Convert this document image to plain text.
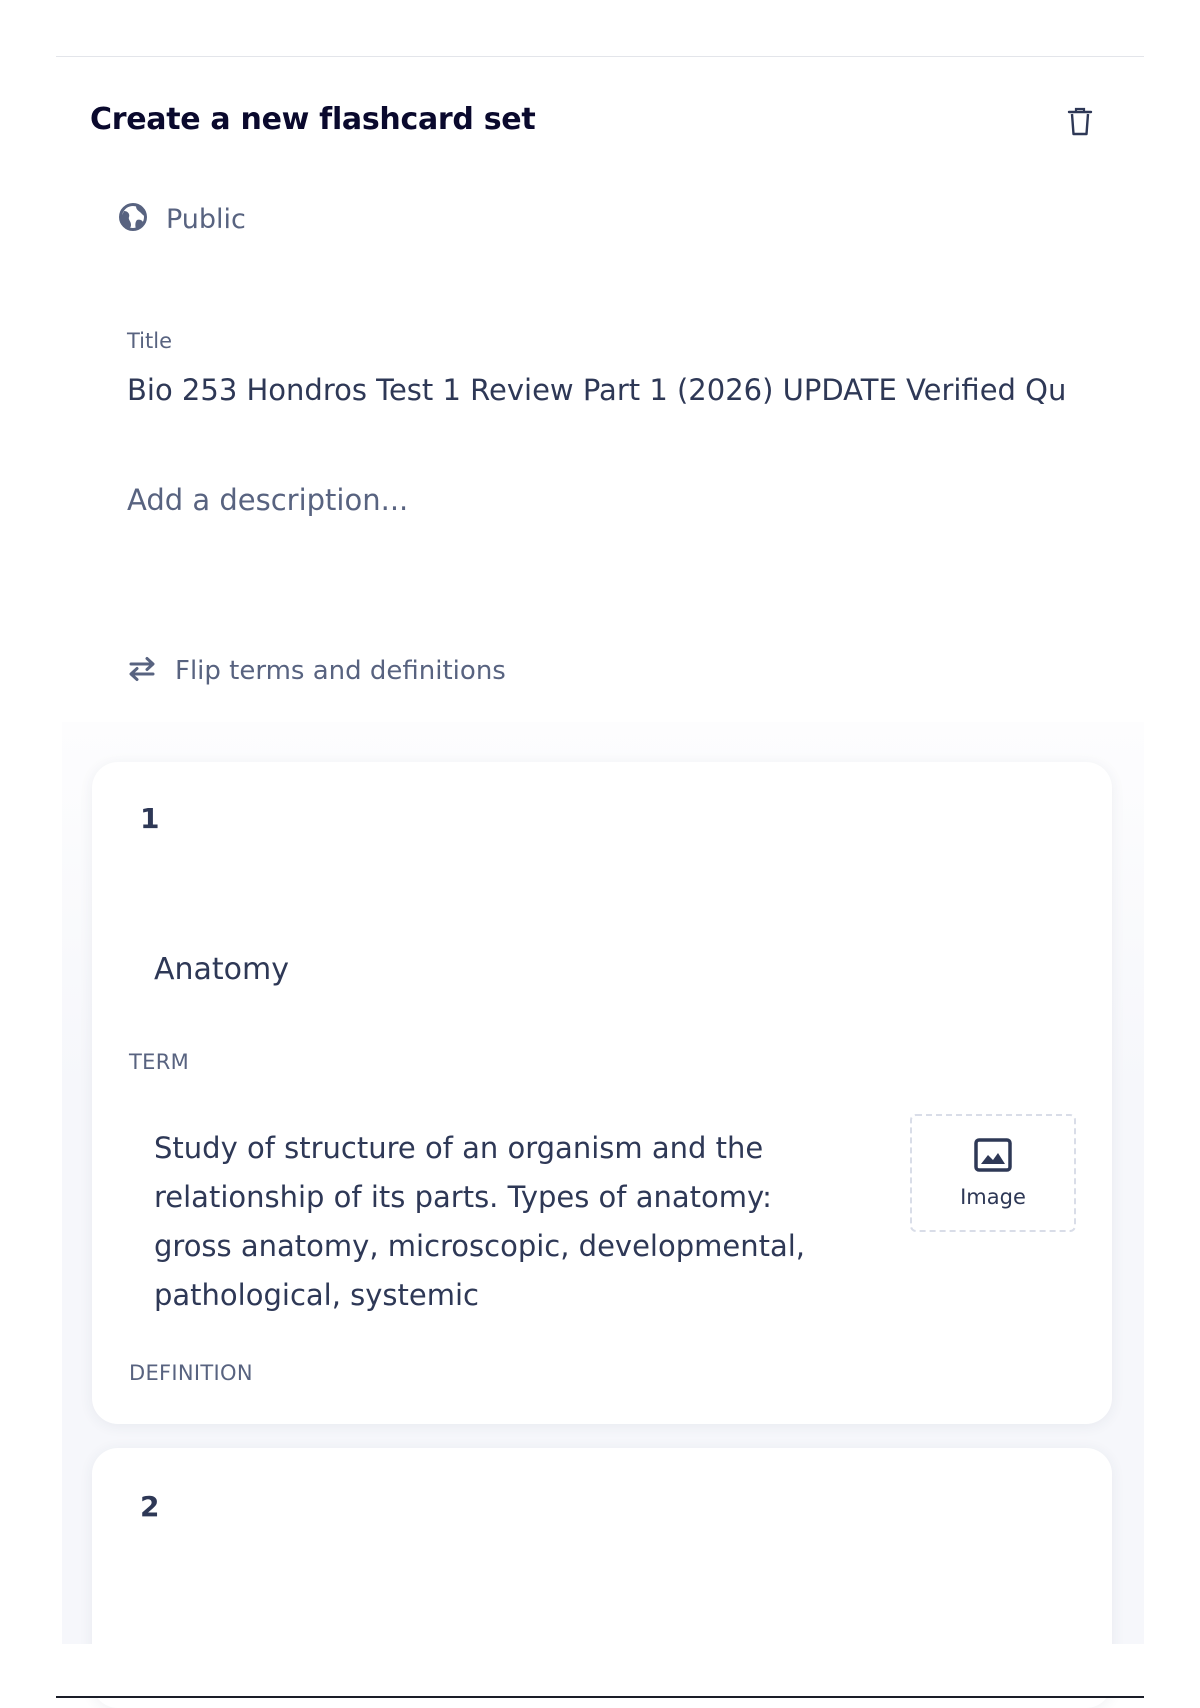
Create a new flashcard set
Public
Title
Bio 253 Hondros Test 1 Review Part 1 (2026) UPDATE Verified Qu
Add a description...
Flip terms and definitions
1
Anatomy
TERM
Study of structure of an organism and the relationship of its parts. Types of anatomy: gross anatomy, microscopic, developmental, pathological, systemic
Image
DEFINITION
2
